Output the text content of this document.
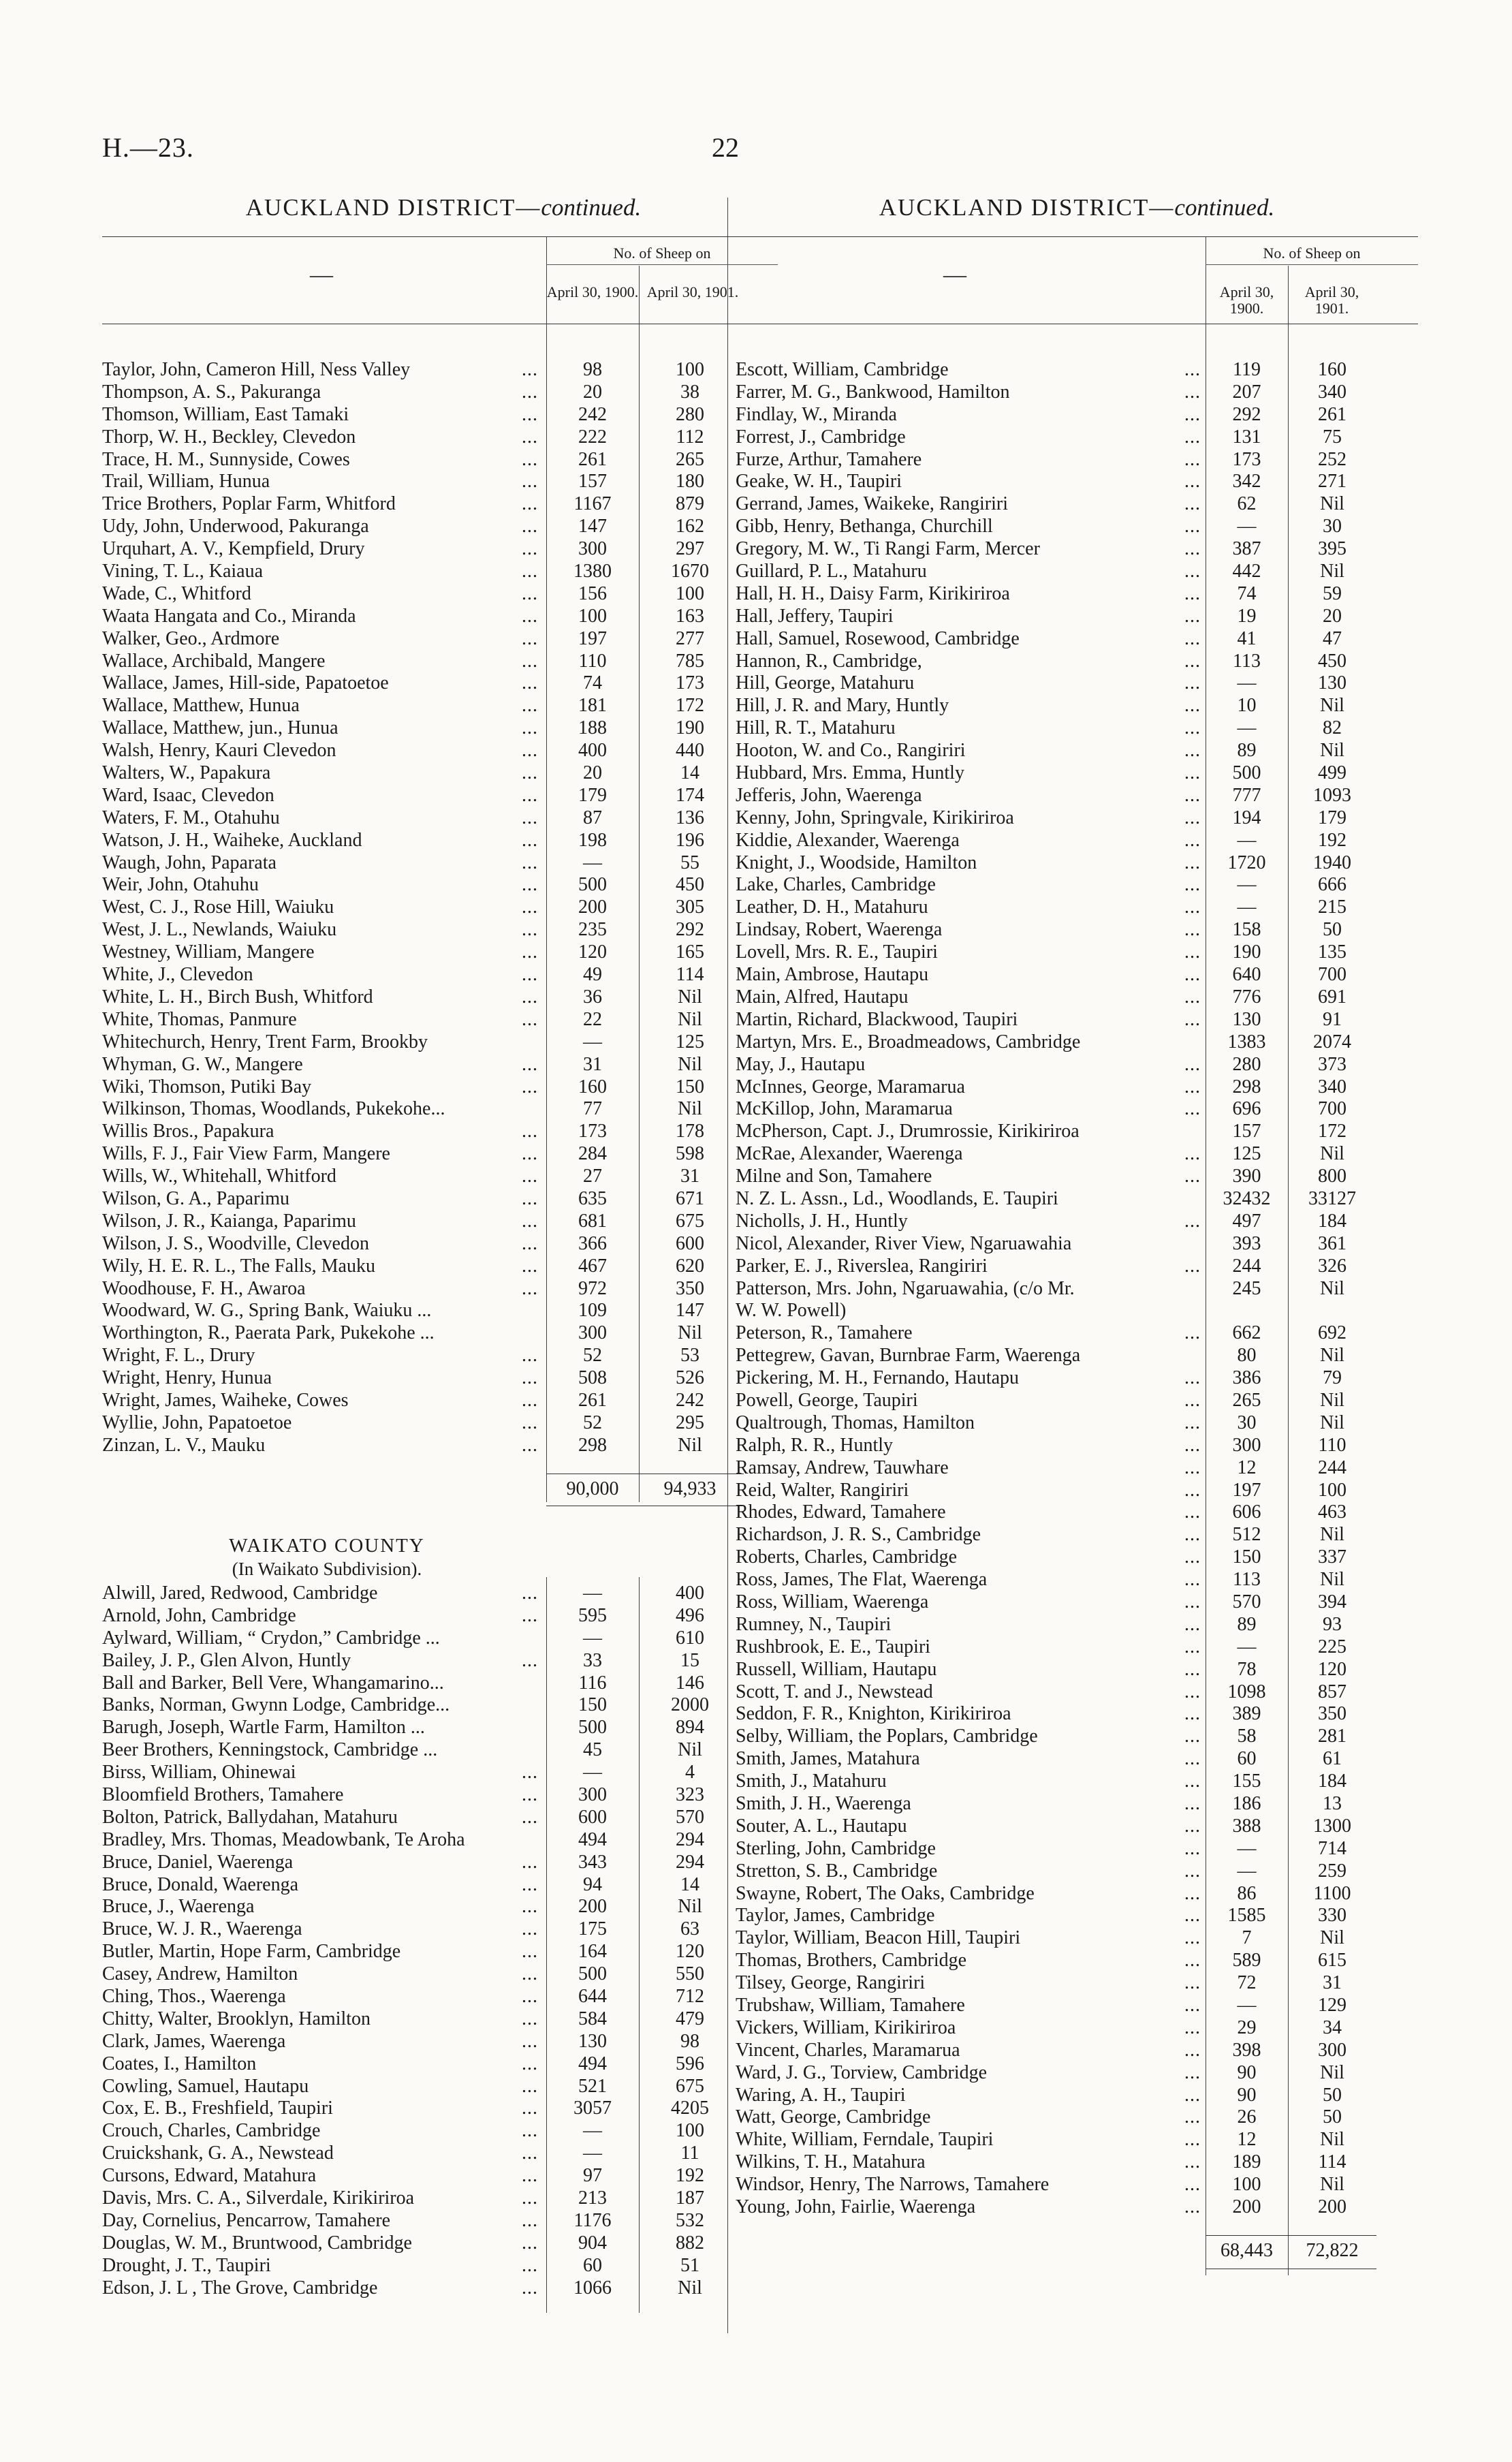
H.—23.	22
AUCKLAND DISTRICT—continued.
No. of Sheep on
April 30, 1900. April 30, 1901.
—
Taylor, John, Cameron Hill, Ness Valley	...	98	100
Thompson, A. S., Pakuranga	...	20	38
Thomson, William, East Tamaki	...	242	280
Thorp, W. H., Beckley, Clevedon	...	222	112
Trace, H. M., Sunnyside, Cowes	...	261	265
Trail, William, Hunua	...	157	180
Trice Brothers, Poplar Farm, Whitford	...	1167	879
Udy, John, Underwood, Pakuranga	...	147	162
Urquhart, A. V., Kempfield, Drury	...	300	297
Vining, T. L., Kaiaua	...	1380	1670
Wade, C., Whitford	...	156	100
Waata Hangata and Co., Miranda	...	100	163
Walker, Geo., Ardmore	...	197	277
Wallace, Archibald, Mangere	...	110	785
Wallace, James, Hill-side, Papatoetoe	...	74	173
Wallace, Matthew, Hunua	...	181	172
Wallace, Matthew, jun., Hunua	...	188	190
Walsh, Henry, Kauri Clevedon	...	400	440
Walters, W., Papakura	...	20	14
Ward, Isaac, Clevedon	...	179	174
Waters, F. M., Otahuhu	...	87	136
Watson, J. H., Waiheke, Auckland	...	198	196
Waugh, John, Paparata	...	—	55
Weir, John, Otahuhu	...	500	450
West, C. J., Rose Hill, Waiuku	...	200	305
West, J. L., Newlands, Waiuku	...	235	292
Westney, William, Mangere	...	120	165
White, J., Clevedon	...	49	114
White, L. H., Birch Bush, Whitford	...	36	Nil
White, Thomas, Panmure	...	22	Nil
Whitechurch, Henry, Trent Farm, Brookby	—	125
Whyman, G. W., Mangere	...	31	Nil
Wiki, Thomson, Putiki Bay	...	160	150
Wilkinson, Thomas, Woodlands, Pukekohe...	77	Nil
Willis Bros., Papakura	...	173	178
Wills, F. J., Fair View Farm, Mangere	...	284	598
Wills, W., Whitehall, Whitford	...	27	31
Wilson, G. A., Paparimu	...	635	671
Wilson, J. R., Kaianga, Paparimu	...	681	675
Wilson, J. S., Woodville, Clevedon	...	366	600
Wily, H. E. R. L., The Falls, Mauku	...	467	620
Woodhouse, F. H., Awaroa	...	972	350
Woodward, W. G., Spring Bank, Waiuku ...	109	147
Worthington, R., Paerata Park, Pukekohe ...	300	Nil
Wright, F. L., Drury	...	52	53
Wright, Henry, Hunua	...	508	526
Wright, James, Waiheke, Cowes	...	261	242
Wyllie, John, Papatoetoe	...	52	295
Zinzan, L. V., Mauku	...	298	Nil
90,000	94,933
WAIKATO COUNTY
(In Waikato Subdivision).
Alwill, Jared, Redwood, Cambridge	...	—	400
Arnold, John, Cambridge	...	595	496
Aylward, William, “ Crydon,” Cambridge ...	—	610
Bailey, J. P., Glen Alvon, Huntly	...	33	15
Ball and Barker, Bell Vere, Whangamarino...	116	146
Banks, Norman, Gwynn Lodge, Cambridge...	150	2000
Barugh, Joseph, Wartle Farm, Hamilton ...	500	894
Beer Brothers, Kenningstock, Cambridge ...	45	Nil
Birss, William, Ohinewai	...	—	4
Bloomfield Brothers, Tamahere	...	300	323
Bolton, Patrick, Ballydahan, Matahuru	...	600	570
Bradley, Mrs. Thomas, Meadowbank, Te Aroha	494	294
Bruce, Daniel, Waerenga	...	343	294
Bruce, Donald, Waerenga	...	94	14
Bruce, J., Waerenga	...	200	Nil
Bruce, W. J. R., Waerenga	...	175	63
Butler, Martin, Hope Farm, Cambridge	...	164	120
Casey, Andrew, Hamilton	...	500	550
Ching, Thos., Waerenga	...	644	712
Chitty, Walter, Brooklyn, Hamilton	...	584	479
Clark, James, Waerenga	...	130	98
Coates, I., Hamilton	...	494	596
Cowling, Samuel, Hautapu	...	521	675
Cox, E. B., Freshfield, Taupiri	...	3057	4205
Crouch, Charles, Cambridge	...	—	100
Cruickshank, G. A., Newstead	...	—	11
Cursons, Edward, Matahura	...	97	192
Davis, Mrs. C. A., Silverdale, Kirikiriroa	...	213	187
Day, Cornelius, Pencarrow, Tamahere	...	1176	532
Douglas, W. M., Bruntwood, Cambridge	...	904	882
Drought, J. T., Taupiri	...	60	51
Edson, J. L , The Grove, Cambridge	...	1066	Nil
AUCKLAND DISTRICT—continued.
No. of Sheep on
April 30, 1900.
April 30, 1901.
—
Escott, William, Cambridge	...	119	160
Farrer, M. G., Bankwood, Hamilton	...	207	340
Findlay, W., Miranda	...	292	261
Forrest, J., Cambridge	...	131	75
Furze, Arthur, Tamahere	...	173	252
Geake, W. H., Taupiri	...	342	271
Gerrand, James, Waikeke, Rangiriri	...	62	Nil
Gibb, Henry, Bethanga, Churchill	...	—	30
Gregory, M. W., Ti Rangi Farm, Mercer	...	387	395
Guillard, P. L., Matahuru	...	442	Nil
Hall, H. H., Daisy Farm, Kirikiriroa	...	74	59
Hall, Jeffery, Taupiri	...	19	20
Hall, Samuel, Rosewood, Cambridge	...	41	47
Hannon, R., Cambridge,	...	113	450
Hill, George, Matahuru	...	—	130
Hill, J. R. and Mary, Huntly	...	10	Nil
Hill, R. T., Matahuru	...	—	82
Hooton, W. and Co., Rangiriri	...	89	Nil
Hubbard, Mrs. Emma, Huntly	...	500	499
Jefferis, John, Waerenga	...	777	1093
Kenny, John, Springvale, Kirikiriroa	...	194	179
Kiddie, Alexander, Waerenga	...	—	192
Knight, J., Woodside, Hamilton	...	1720	1940
Lake, Charles, Cambridge	...	—	666
Leather, D. H., Matahuru	...	—	215
Lindsay, Robert, Waerenga	...	158	50
Lovell, Mrs. R. E., Taupiri	...	190	135
Main, Ambrose, Hautapu	...	640	700
Main, Alfred, Hautapu	...	776	691
Martin, Richard, Blackwood, Taupiri	...	130	91
Martyn, Mrs. E., Broadmeadows, Cambridge	1383	2074
May, J., Hautapu	...	280	373
McInnes, George, Maramarua	...	298	340
McKillop, John, Maramarua	...	696	700
McPherson, Capt. J., Drumrossie, Kirikiriroa	157	172
McRae, Alexander, Waerenga	...	125	Nil
Milne and Son, Tamahere	...	390	800
N. Z. L. Assn., Ld., Woodlands, E. Taupiri	32432	33127
Nicholls, J. H., Huntly	...	497	184
Nicol, Alexander, River View, Ngaruawahia	393	361
Parker, E. J., Riverslea, Rangiriri	...	244	326
Patterson, Mrs. John, Ngaruawahia, (c/o Mr.	245	Nil
W. W. Powell)
Peterson, R., Tamahere	...	662	692
Pettegrew, Gavan, Burnbrae Farm, Waerenga	80	Nil
Pickering, M. H., Fernando, Hautapu	...	386	79
Powell, George, Taupiri	...	265	Nil
Qualtrough, Thomas, Hamilton	...	30	Nil
Ralph, R. R., Huntly	...	300	110
Ramsay, Andrew, Tauwhare	...	12	244
Reid, Walter, Rangiriri	...	197	100
Rhodes, Edward, Tamahere	...	606	463
Richardson, J. R. S., Cambridge	...	512	Nil
Roberts, Charles, Cambridge	...	150	337
Ross, James, The Flat, Waerenga	...	113	Nil
Ross, William, Waerenga	...	570	394
Rumney, N., Taupiri	...	89	93
Rushbrook, E. E., Taupiri	...	—	225
Russell, William, Hautapu	...	78	120
Scott, T. and J., Newstead	...	1098	857
Seddon, F. R., Knighton, Kirikiriroa	...	389	350
Selby, William, the Poplars, Cambridge	...	58	281
Smith, James, Matahura	...	60	61
Smith, J., Matahuru	...	155	184
Smith, J. H., Waerenga	...	186	13
Souter, A. L., Hautapu	...	388	1300
Sterling, John, Cambridge	...	—	714
Stretton, S. B., Cambridge	...	—	259
Swayne, Robert, The Oaks, Cambridge	...	86	1100
Taylor, James, Cambridge	...	1585	330
Taylor, William, Beacon Hill, Taupiri	...	7	Nil
Thomas, Brothers, Cambridge	...	589	615
Tilsey, George, Rangiriri	...	72	31
Trubshaw, William, Tamahere	...	—	129
Vickers, William, Kirikiriroa	...	29	34
Vincent, Charles, Maramarua	...	398	300
Ward, J. G., Torview, Cambridge	...	90	Nil
Waring, A. H., Taupiri	...	90	50
Watt, George, Cambridge	...	26	50
White, William, Ferndale, Taupiri	...	12	Nil
Wilkins, T. H., Matahura	...	189	114
Windsor, Henry, The Narrows, Tamahere	...	100	Nil
Young, John, Fairlie, Waerenga	...	200	200
68,443	72,822
